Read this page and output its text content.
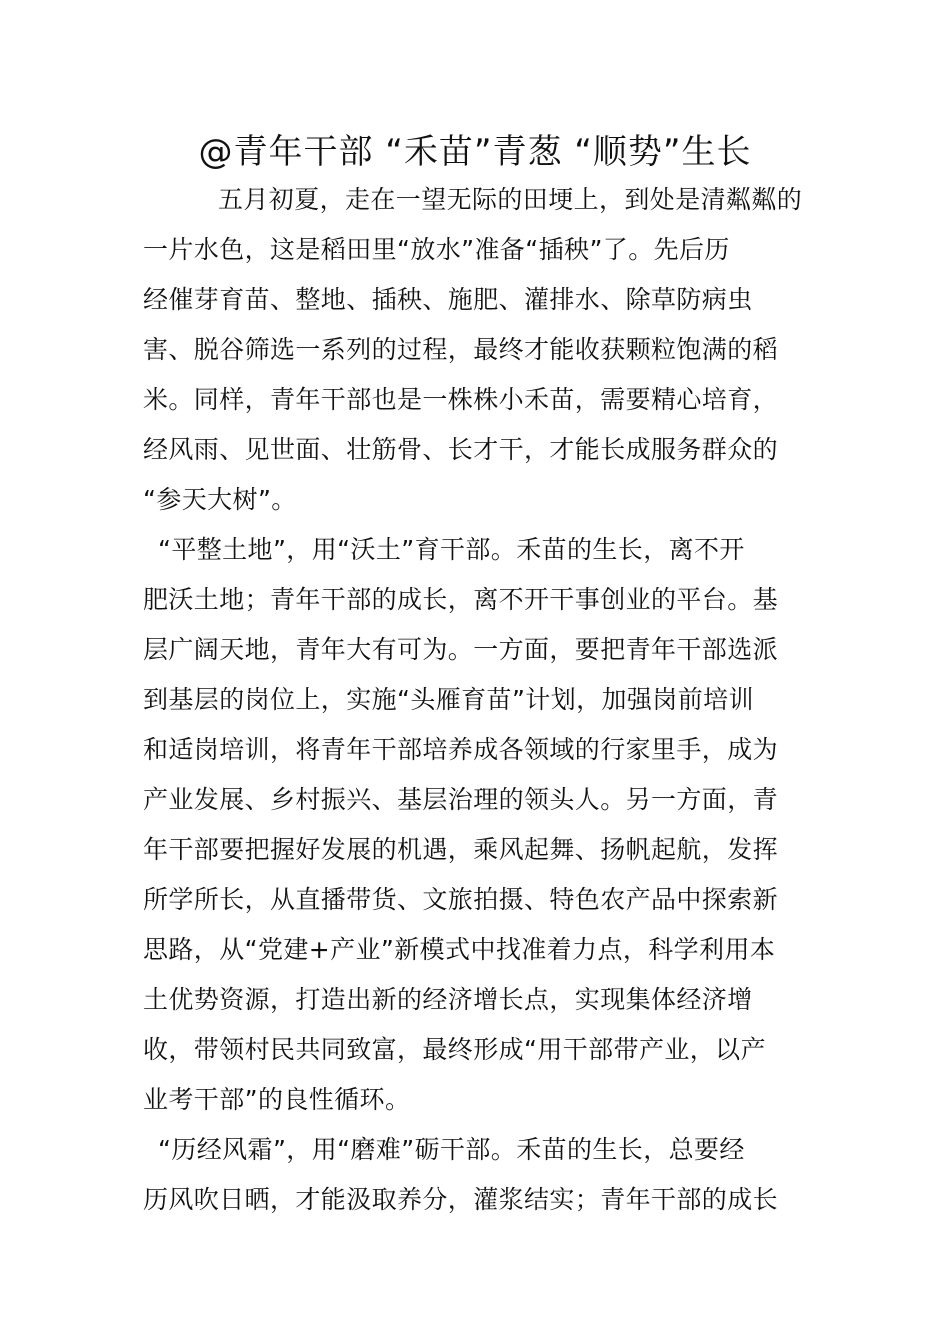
@青年干部 “禾苗”青葱 “顺势”生长
五月初夏，走在一望无际的田埂上，到处是清粼粼的
一片水色，这是稻田里“放水”准备“插秧”了。先后历
经催芽育苗、整地、插秧、施肥、灌排水、除草防病虫
害、脱谷筛选一系列的过程，最终才能收获颗粒饱满的稻
米。同样，青年干部也是一株株小禾苗，需要精心培育，
经风雨、见世面、壮筋骨、长才干，才能长成服务群众的
“参天大树”。
“平整土地”，用“沃土”育干部。禾苗的生长，离不开
肥沃土地；青年干部的成长，离不开干事创业的平台。基
层广阔天地，青年大有可为。一方面，要把青年干部选派
到基层的岗位上，实施“头雁育苗”计划，加强岗前培训
和适岗培训，将青年干部培养成各领域的行家里手，成为
产业发展、乡村振兴、基层治理的领头人。另一方面，青
年干部要把握好发展的机遇，乘风起舞、扬帆起航，发挥
所学所长，从直播带货、文旅拍摄、特色农产品中探索新
思路，从“党建+产业”新模式中找准着力点，科学利用本
土优势资源，打造出新的经济增长点，实现集体经济增
收，带领村民共同致富，最终形成“用干部带产业，以产
业考干部”的良性循环。
“历经风霜”，用“磨难”砺干部。禾苗的生长，总要经
历风吹日晒，才能汲取养分，灌浆结实；青年干部的成长
